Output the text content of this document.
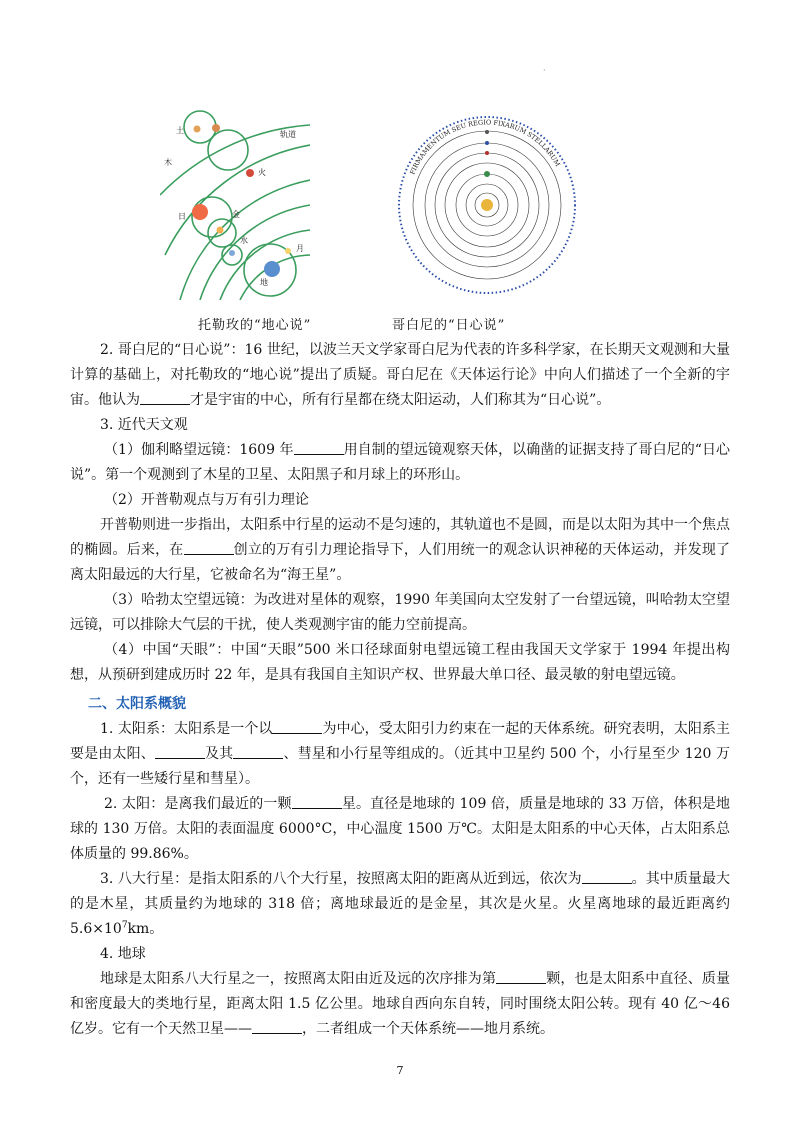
·
土
木
火
日	金
水
月
地
轨道
FIRMAMENTUM SEU REGIO FIXARUM STELLARUM
托勒玫的“地心说”	哥白尼的“日心说”

2. 哥白尼的“日心说”：16 世纪，以波兰天文学家哥白尼为代表的许多科学家，在长期天文观测和大量计算的基础上，对托勒玫的“地心说”提出了质疑。哥白尼在《天体运行论》中向人们描述了一个全新的宇宙。他认为	才是宇宙的中心，所有行星都在绕太阳运动，人们称其为“日心说”。

3. 近代天文观

（1）伽利略望远镜：1609 年	用自制的望远镜观察天体，以确凿的证据支持了哥白尼的“日心说”。第一个观测到了木星的卫星、太阳黑子和月球上的环形山。

（2）开普勒观点与万有引力理论

开普勒则进一步指出，太阳系中行星的运动不是匀速的，其轨道也不是圆，而是以太阳为其中一个焦点的椭圆。后来，在	创立的万有引力理论指导下，人们用统一的观念认识神秘的天体运动，并发现了离太阳最远的大行星，它被命名为“海王星”。

（3）哈勃太空望远镜：为改进对星体的观察，1990 年美国向太空发射了一台望远镜，叫哈勃太空望远镜，可以排除大气层的干扰，使人类观测宇宙的能力空前提高。

（4）中国“天眼”：中国“天眼”500 米口径球面射电望远镜工程由我国天文学家于 1994 年提出构想，从预研到建成历时 22 年，是具有我国自主知识产权、世界最大单口径、最灵敏的射电望远镜。

二、太阳系概貌

1. 太阳系：太阳系是一个以	为中心，受太阳引力约束在一起的天体系统。研究表明，太阳系主要是由太阳、	及其	、彗星和小行星等组成的。（近其中卫星约 500 个，小行星至少 120 万个，还有一些矮行星和彗星）。

2. 太阳：是离我们最近的一颗	星。直径是地球的 109 倍，质量是地球的 33 万倍，体积是地球的 130 万倍。太阳的表面温度 6000°C，中心温度 1500 万℃。太阳是太阳系的中心天体，占太阳系总体质量的 99.86%。

3. 八大行星：是指太阳系的八个大行星，按照离太阳的距离从近到远，依次为	。其中质量最大的是木星，其质量约为地球的 318 倍；离地球最近的是金星，其次是火星。火星离地球的最近距离约 $5.6\times 10^7km$。

4. 地球

地球是太阳系八大行星之一，按照离太阳由近及远的次序排为第	颗，也是太阳系中直径、质量和密度最大的类地行星，距离太阳 1.5 亿公里。地球自西向东自转，同时围绕太阳公转。现有 40 亿～46 亿岁。它有一个天然卫星——	，二者组成一个天体系统——地月系统。

7
